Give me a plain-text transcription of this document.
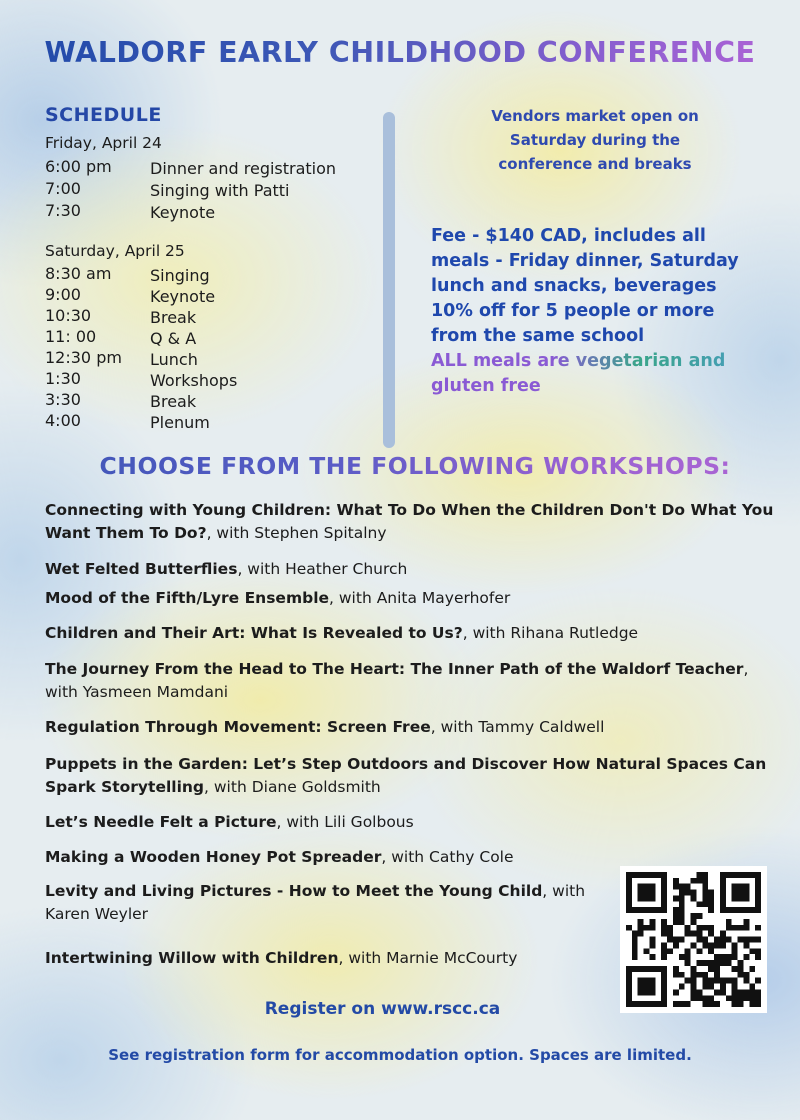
WALDORF EARLY CHILDHOOD CONFERENCE
SCHEDULE
Friday, April 24
6:00 pm Dinner and registration
7:00	Singing with Patti
7:30	Keynote
Saturday, April 25
8:30 am Singing
9:00	Keynote
10:30	Break
11: 00	Q & A
12:30 pm Lunch
1:30	Workshops
3:30	Break
4:00	Plenum
Vendors market open on
Saturday during the
conference and breaks
Fee - $140 CAD, includes all
meals - Friday dinner, Saturday
lunch and snacks, beverages
10% off for 5 people or more
from the same school
ALL meals are vegetarian and
gluten free
CHOOSE FROM THE FOLLOWING WORKSHOPS:
Connecting with Young Children: What To Do When the Children Don't Do What You Want Them To Do?, with Stephen Spitalny
Wet Felted Butterflies, with Heather Church
Mood of the Fifth/Lyre Ensemble, with Anita Mayerhofer
Children and Their Art: What Is Revealed to Us?, with Rihana Rutledge
The Journey From the Head to The Heart: The Inner Path of the Waldorf Teacher, with Yasmeen Mamdani
Regulation Through Movement: Screen Free, with Tammy Caldwell
Puppets in the Garden: Let’s Step Outdoors and Discover How Natural Spaces Can Spark Storytelling, with Diane Goldsmith
Let’s Needle Felt a Picture, with Lili Golbous
Making a Wooden Honey Pot Spreader, with Cathy Cole
Levity and Living Pictures - How to Meet the Young Child, with Karen Weyler
Intertwining Willow with Children, with Marnie McCourty
Register on www.rscc.ca
See registration form for accommodation option. Spaces are limited.
